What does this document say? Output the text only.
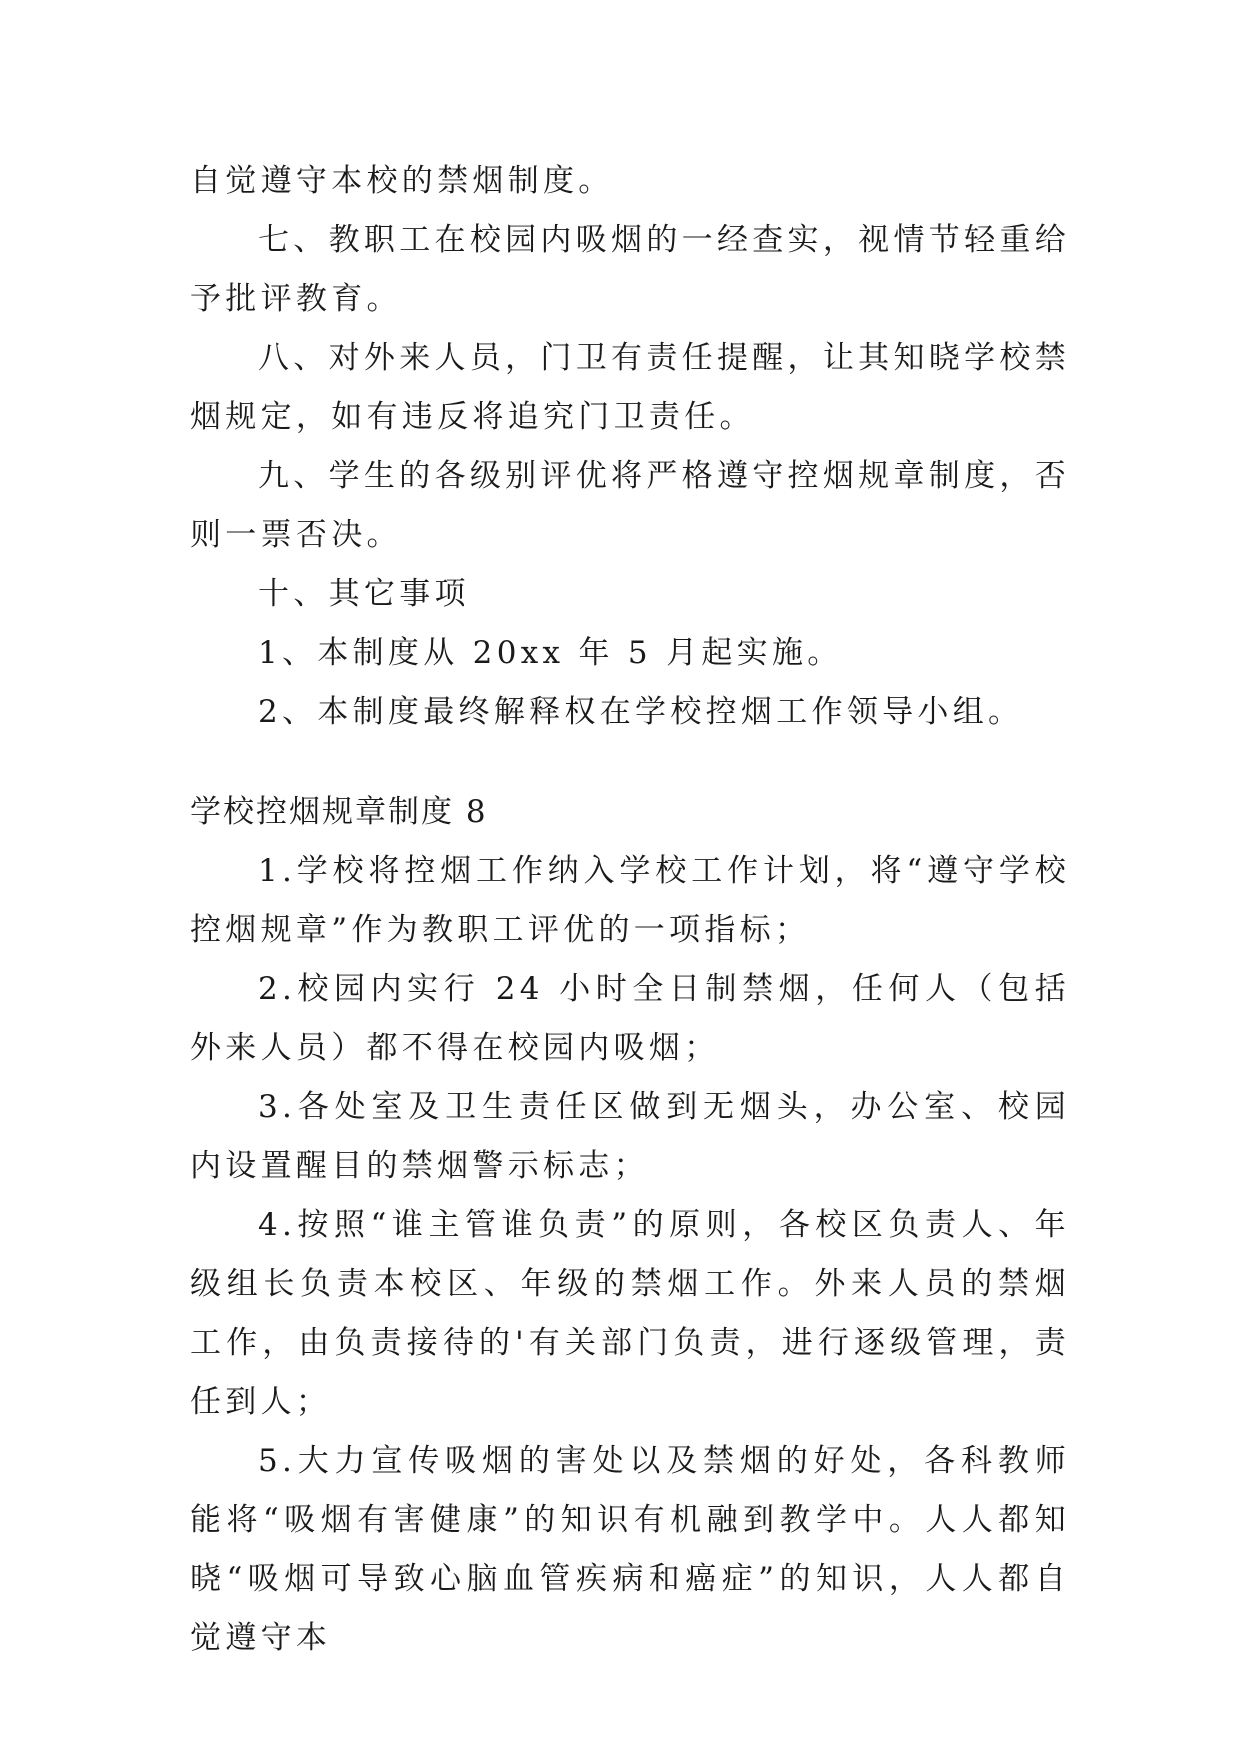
自觉遵守本校的禁烟制度。

七、教职工在校园内吸烟的一经查实，视情节轻重给予批评教育。

八、对外来人员，门卫有责任提醒，让其知晓学校禁烟规定，如有违反将追究门卫责任。

九、学生的各级别评优将严格遵守控烟规章制度，否则一票否决。

十、其它事项

1、本制度从 20xx 年 5 月起实施。

2、本制度最终解释权在学校控烟工作领导小组。

学校控烟规章制度 8

1.学校将控烟工作纳入学校工作计划，将“遵守学校控烟规章”作为教职工评优的一项指标；

2.校园内实行 24 小时全日制禁烟，任何人（包括外来人员）都不得在校园内吸烟；

3.各处室及卫生责任区做到无烟头，办公室、校园内设置醒目的禁烟警示标志；

4.按照“谁主管谁负责”的原则，各校区负责人、年级组长负责本校区、年级的禁烟工作。外来人员的禁烟工作，由负责接待的'有关部门负责，进行逐级管理，责任到人；

5.大力宣传吸烟的害处以及禁烟的好处，各科教师能将“吸烟有害健康”的知识有机融到教学中。人人都知晓“吸烟可导致心脑血管疾病和癌症”的知识，人人都自觉遵守本
